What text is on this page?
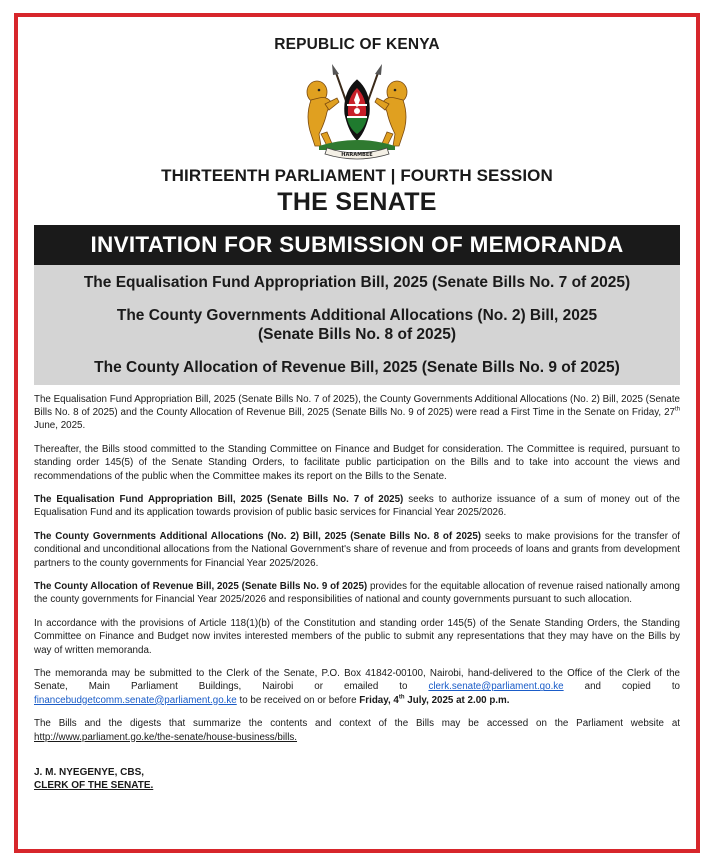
REPUBLIC OF KENYA
HARAMBEE
THIRTEENTH PARLIAMENT | FOURTH SESSION
THE SENATE
INVITATION FOR SUBMISSION OF MEMORANDA

The Equalisation Fund Appropriation Bill, 2025 (Senate Bills No. 7 of 2025)

The County Governments Additional Allocations (No. 2) Bill, 2025
(Senate Bills No. 8 of 2025)

The County Allocation of Revenue Bill, 2025 (Senate Bills No. 9 of 2025)

The Equalisation Fund Appropriation Bill, 2025 (Senate Bills No. 7 of 2025), the County Governments Additional Allocations (No. 2) Bill, 2025 (Senate Bills No. 8 of 2025) and the County Allocation of Revenue Bill, 2025 (Senate Bills No. 9 of 2025) were read a First Time in the Senate on Friday, 27th June, 2025.

Thereafter, the Bills stood committed to the Standing Committee on Finance and Budget for consideration. The Committee is required, pursuant to standing order 145(5) of the Senate Standing Orders, to facilitate public participation on the Bills and to take into account the views and recommendations of the public when the Committee makes its report on the Bills to the Senate.

The Equalisation Fund Appropriation Bill, 2025 (Senate Bills No. 7 of 2025) seeks to authorize issuance of a sum of money out of the Equalisation Fund and its application towards provision of public basic services for Financial Year 2025/2026.

The County Governments Additional Allocations (No. 2) Bill, 2025 (Senate Bills No. 8 of 2025) seeks to make provisions for the transfer of conditional and unconditional allocations from the National Government's share of revenue and from proceeds of loans and grants from development partners to the county governments for Financial Year 2025/2026.

The County Allocation of Revenue Bill, 2025 (Senate Bills No. 9 of 2025) provides for the equitable allocation of revenue raised nationally among the county governments for Financial Year 2025/2026 and responsibilities of national and county governments pursuant to such allocation.

In accordance with the provisions of Article 118(1)(b) of the Constitution and standing order 145(5) of the Senate Standing Orders, the Standing Committee on Finance and Budget now invites interested members of the public to submit any representations that they may have on the Bills by way of written memoranda.

The memoranda may be submitted to the Clerk of the Senate, P.O. Box 41842-00100, Nairobi, hand-delivered to the Office of the Clerk of the Senate, Main Parliament Buildings, Nairobi or emailed to clerk.senate@parliament.go.ke and copied to financebudgetcomm.senate@parliament.go.ke to be received on or before Friday, 4th July, 2025 at 2.00 p.m.

The Bills and the digests that summarize the contents and context of the Bills may be accessed on the Parliament website at http://www.parliament.go.ke/the-senate/house-business/bills.

J. M. NYEGENYE, CBS,
CLERK OF THE SENATE.
